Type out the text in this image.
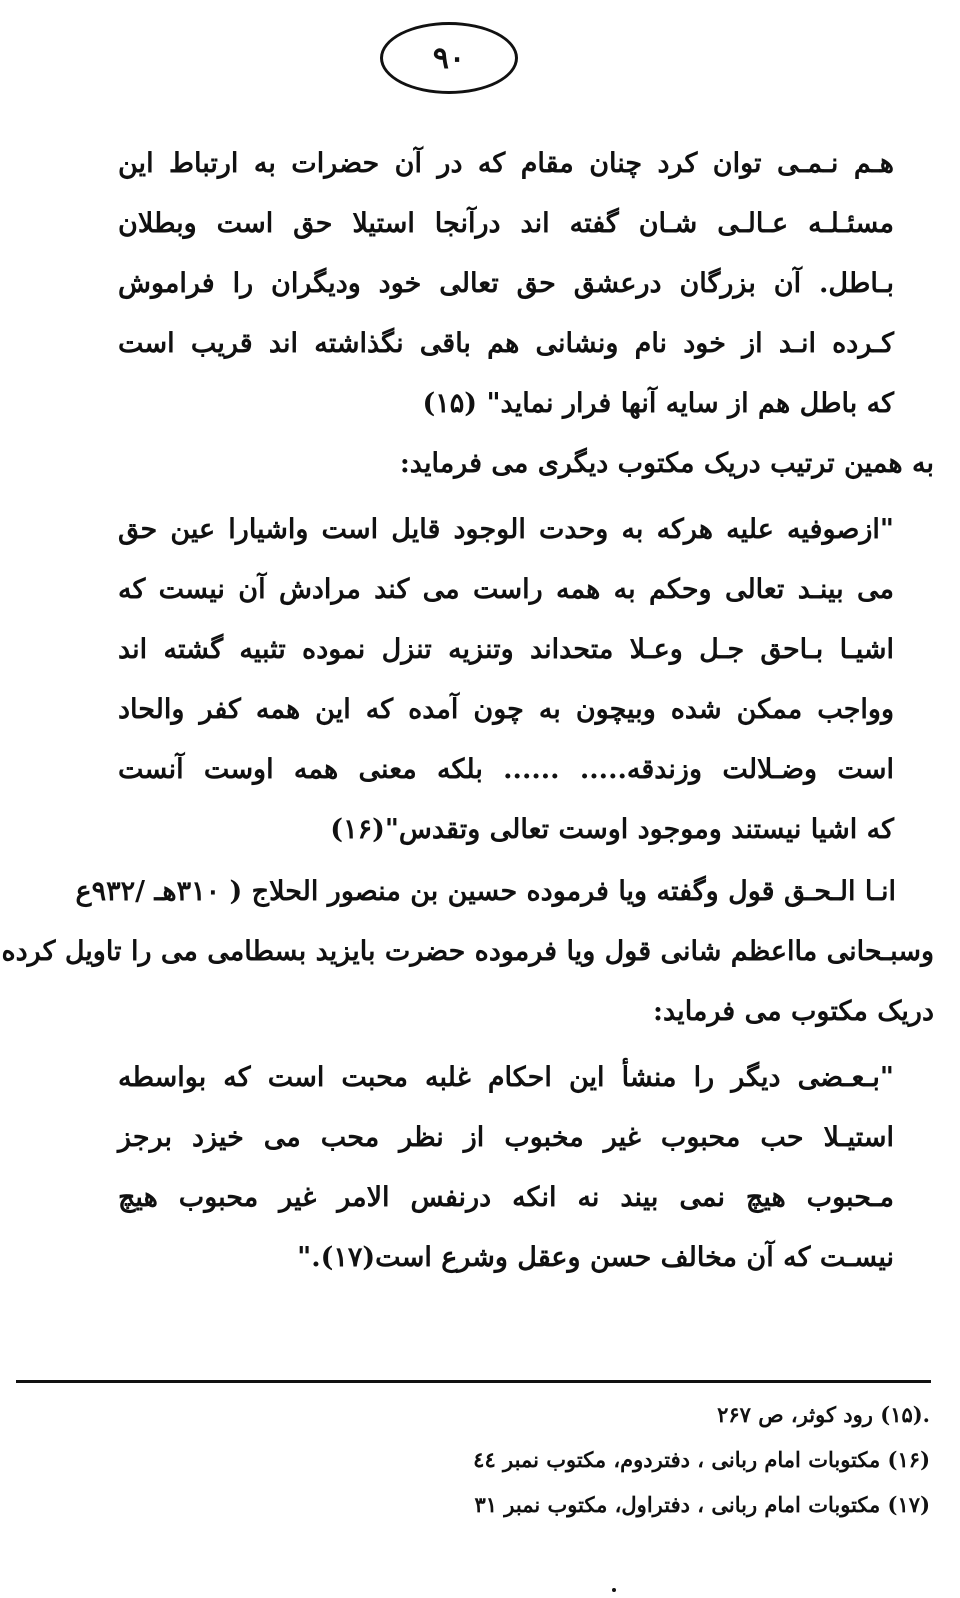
۹۰
هـم نـمـی توان کرد چنان مقام که در آن حضرات به ارتباط این
مسئـلـه عـالـی شـان گفته اند درآنجا استیلا حق است وبطلان
بـاطل. آن بزرگان درعشق حق تعالی خود ودیگران را فراموش
کـرده انـد از خود نام ونشانی هم باقی نگذاشته اند قریب است
که باطل هم از سایه آنها فرار نماید" (۱۵)
به همین ترتیب دریک مکتوب دیگری می فرماید:
"ازصوفیه علیه هرکه به وحدت الوجود قایل است واشیارا عین حق
می بینـد تعالی وحکم به همه راست می کند مرادش آن نیست که
اشیـا بـاحق جـل وعـلا متحداند وتنزیه تنزل نموده تثبیه گشته اند
وواجب ممکن شده وبیچون به چون آمده که این همه کفر والحاد
است وضـلالت وزندقه..... ...... بلکه معنی همه اوست آنست
که اشیا نیستند وموجود اوست تعالی وتقدس"(۱۶)
انـا الـحـق قول وگفته ویا فرموده حسین بن منصور الحلاج ( ۳۱۰هـ /۹۳۲ع
وسبـحانی مااعظم شانی قول ویا فرموده حضرت بایزید بسطامی می را تاویل کرده
دریک مکتوب می فرماید:
"بـعـضی دیگر را منشأ این احکام غلبه محبت است که بواسطه
استیـلا حب محبوب غیر مخبوب از نظر محب می خیزد برجز
مـحبوب هیچ نمی بیند نه انکه درنفس الامر غیر محبوب هیچ
نیسـت که آن مخالف حسن وعقل وشرع است(۱۷)."
.(۱۵) رود کوثر، ص ۲۶۷
(۱۶) مکتوبات امام ربانی ، دفتردوم، مکتوب نمبر ٤٤
(۱۷) مکتوبات امام ربانی ، دفتراول، مکتوب نمبر ۳۱
